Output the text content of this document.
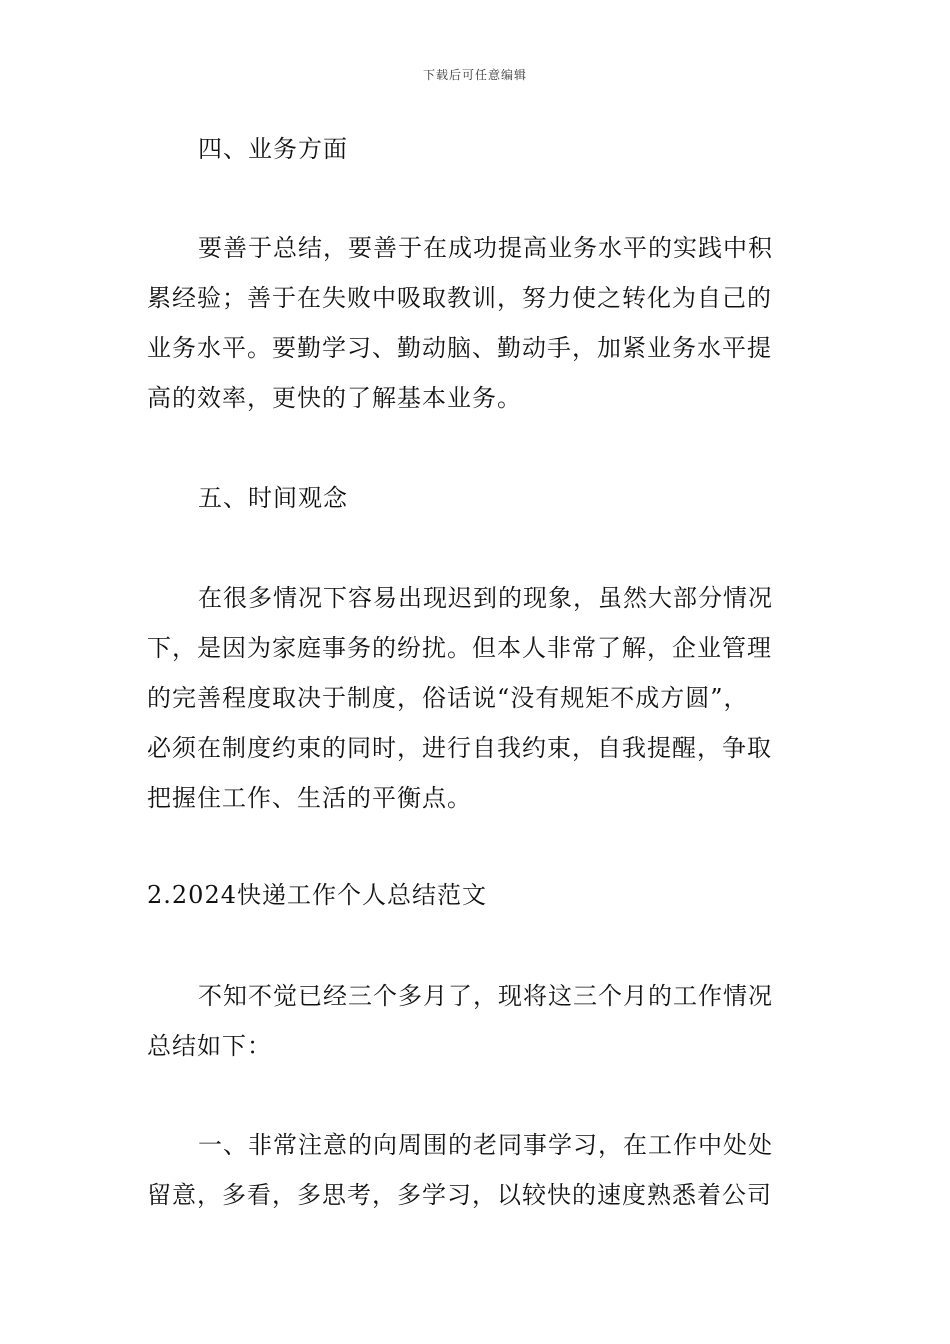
下载后可任意编辑
四、业务方面
要善于总结，要善于在成功提高业务水平的实践中积
累经验；善于在失败中吸取教训，努力使之转化为自己的
业务水平。要勤学习、勤动脑、勤动手，加紧业务水平提
高的效率，更快的了解基本业务。
五、时间观念
在很多情况下容易出现迟到的现象，虽然大部分情况
下，是因为家庭事务的纷扰。但本人非常了解，企业管理
的完善程度取决于制度，俗话说“没有规矩不成方圆”，
必须在制度约束的同时，进行自我约束，自我提醒，争取
把握住工作、生活的平衡点。
2.2024快递工作个人总结范文
不知不觉已经三个多月了，现将这三个月的工作情况
总结如下：
一、非常注意的向周围的老同事学习，在工作中处处
留意，多看，多思考，多学习，以较快的速度熟悉着公司
